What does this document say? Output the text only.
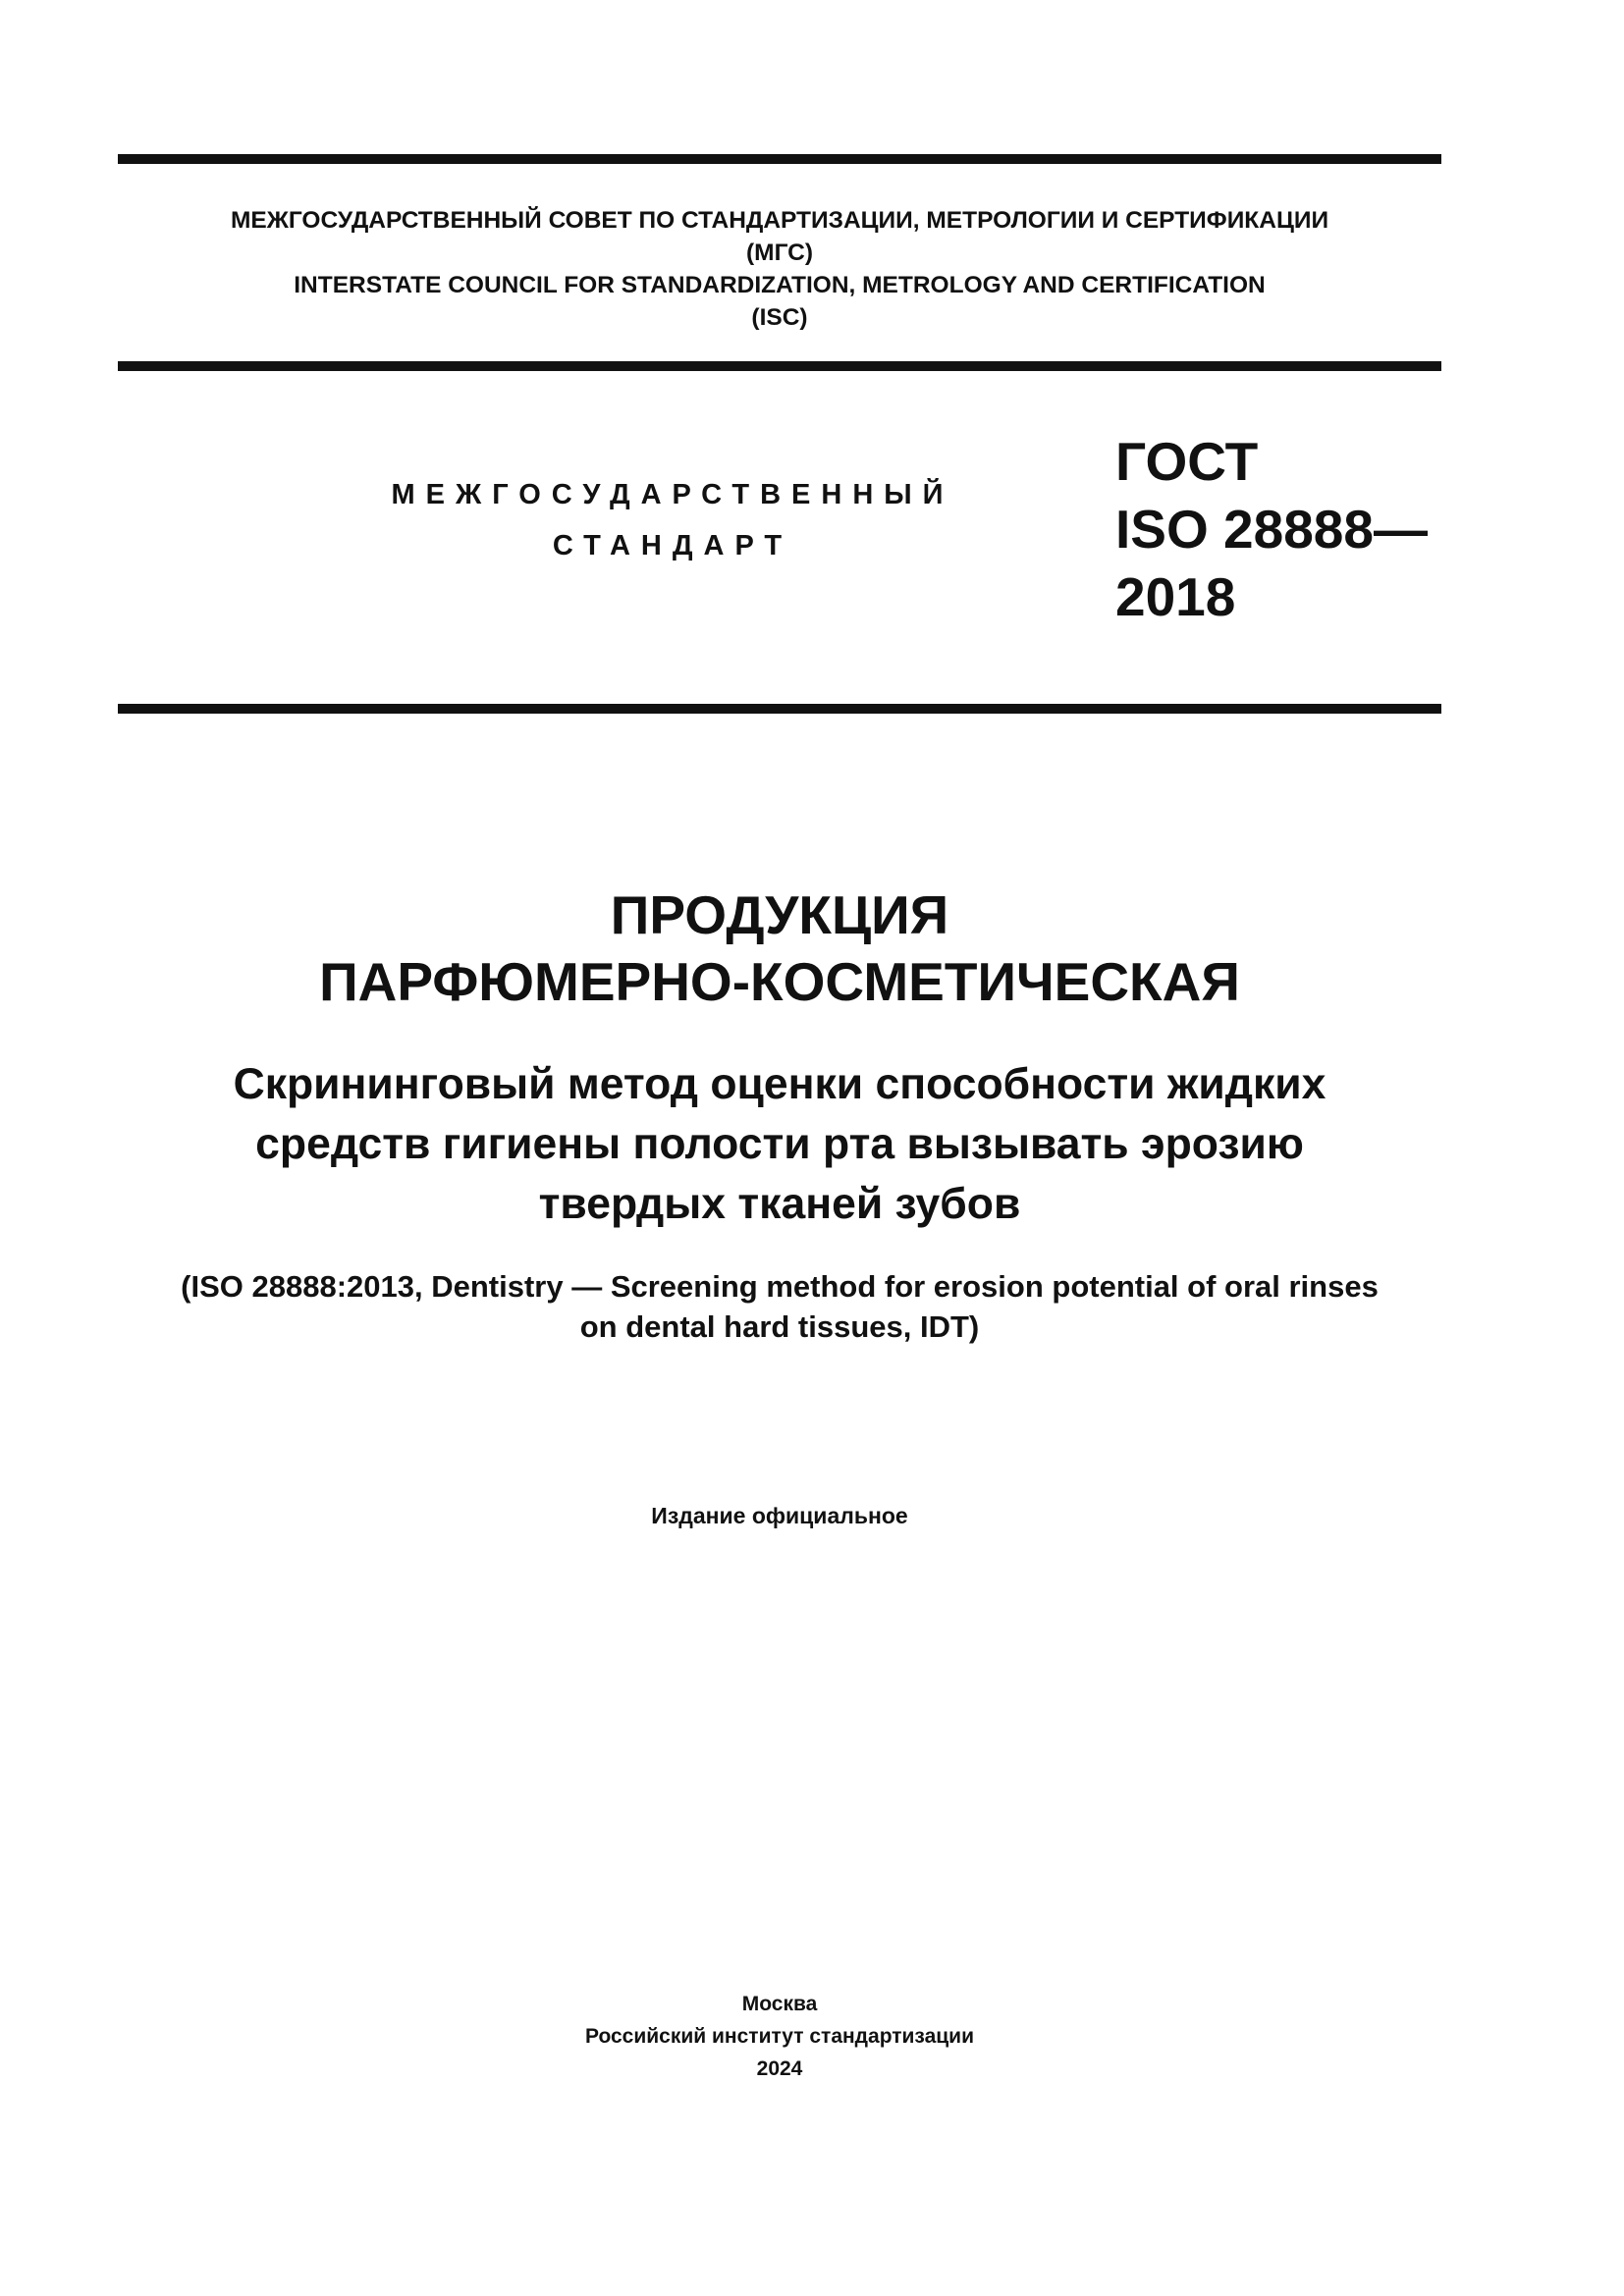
МЕЖГОСУДАРСТВЕННЫЙ СОВЕТ ПО СТАНДАРТИЗАЦИИ, МЕТРОЛОГИИ И СЕРТИФИКАЦИИ
(МГС)
INTERSTATE COUNCIL FOR STANDARDIZATION, METROLOGY AND CERTIFICATION
(ISC)
МЕЖГОСУДАРСТВЕННЫЙ
СТАНДАРТ
ГОСТ
ISO 28888—
2018
ПРОДУКЦИЯ
ПАРФЮМЕРНО-КОСМЕТИЧЕСКАЯ
Скрининговый метод оценки способности жидких
средств гигиены полости рта вызывать эрозию
твердых тканей зубов
(ISO 28888:2013, Dentistry — Screening method for erosion potential of oral rinses
on dental hard tissues, IDT)
Издание официальное
Москва
Российский институт стандартизации
2024
